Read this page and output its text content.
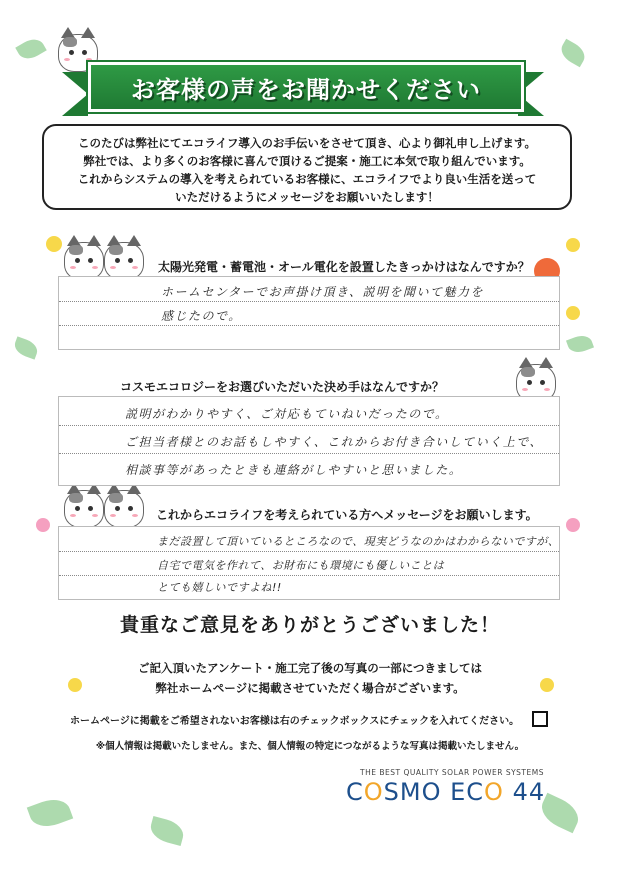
お客様の声をお聞かせください
このたびは弊社にてエコライフ導入のお手伝いをさせて頂き、心より御礼申し上げます。
弊社では、より多くのお客様に喜んで頂けるご提案・施工に本気で取り組んでいます。
これからシステムの導入を考えられているお客様に、エコライフでより良い生活を送って
いただけるようにメッセージをお願いいたします！
太陽光発電・蓄電池・オール電化を設置したきっかけはなんですか？
ホームセンターでお声掛け頂き、説明を聞いて魅力を
感じたので。
コスモエコロジーをお選びいただいた決め手はなんですか？
説明がわかりやすく、ご対応もていねいだったので。
ご担当者様とのお話もしやすく、これからお付き合いしていく上で、
相談事等があったときも連絡がしやすいと思いました。
これからエコライフを考えられている方へメッセージをお願いします。
まだ設置して頂いているところなので、現実どうなのかはわからないですが、
自宅で電気を作れて、お財布にも環境にも優しいことは
とても嬉しいですよね!!
貴重なご意見をありがとうございました！
ご記入頂いたアンケート・施工完了後の写真の一部につきましては
弊社ホームページに掲載させていただく場合がございます。
ホームページに掲載をご希望されないお客様は右のチェックボックスにチェックを入れてください。
※個人情報は掲載いたしません。また、個人情報の特定につながるような写真は掲載いたしません。
THE BEST QUALITY SOLAR POWER SYSTEMS
COSMO ECO 44
